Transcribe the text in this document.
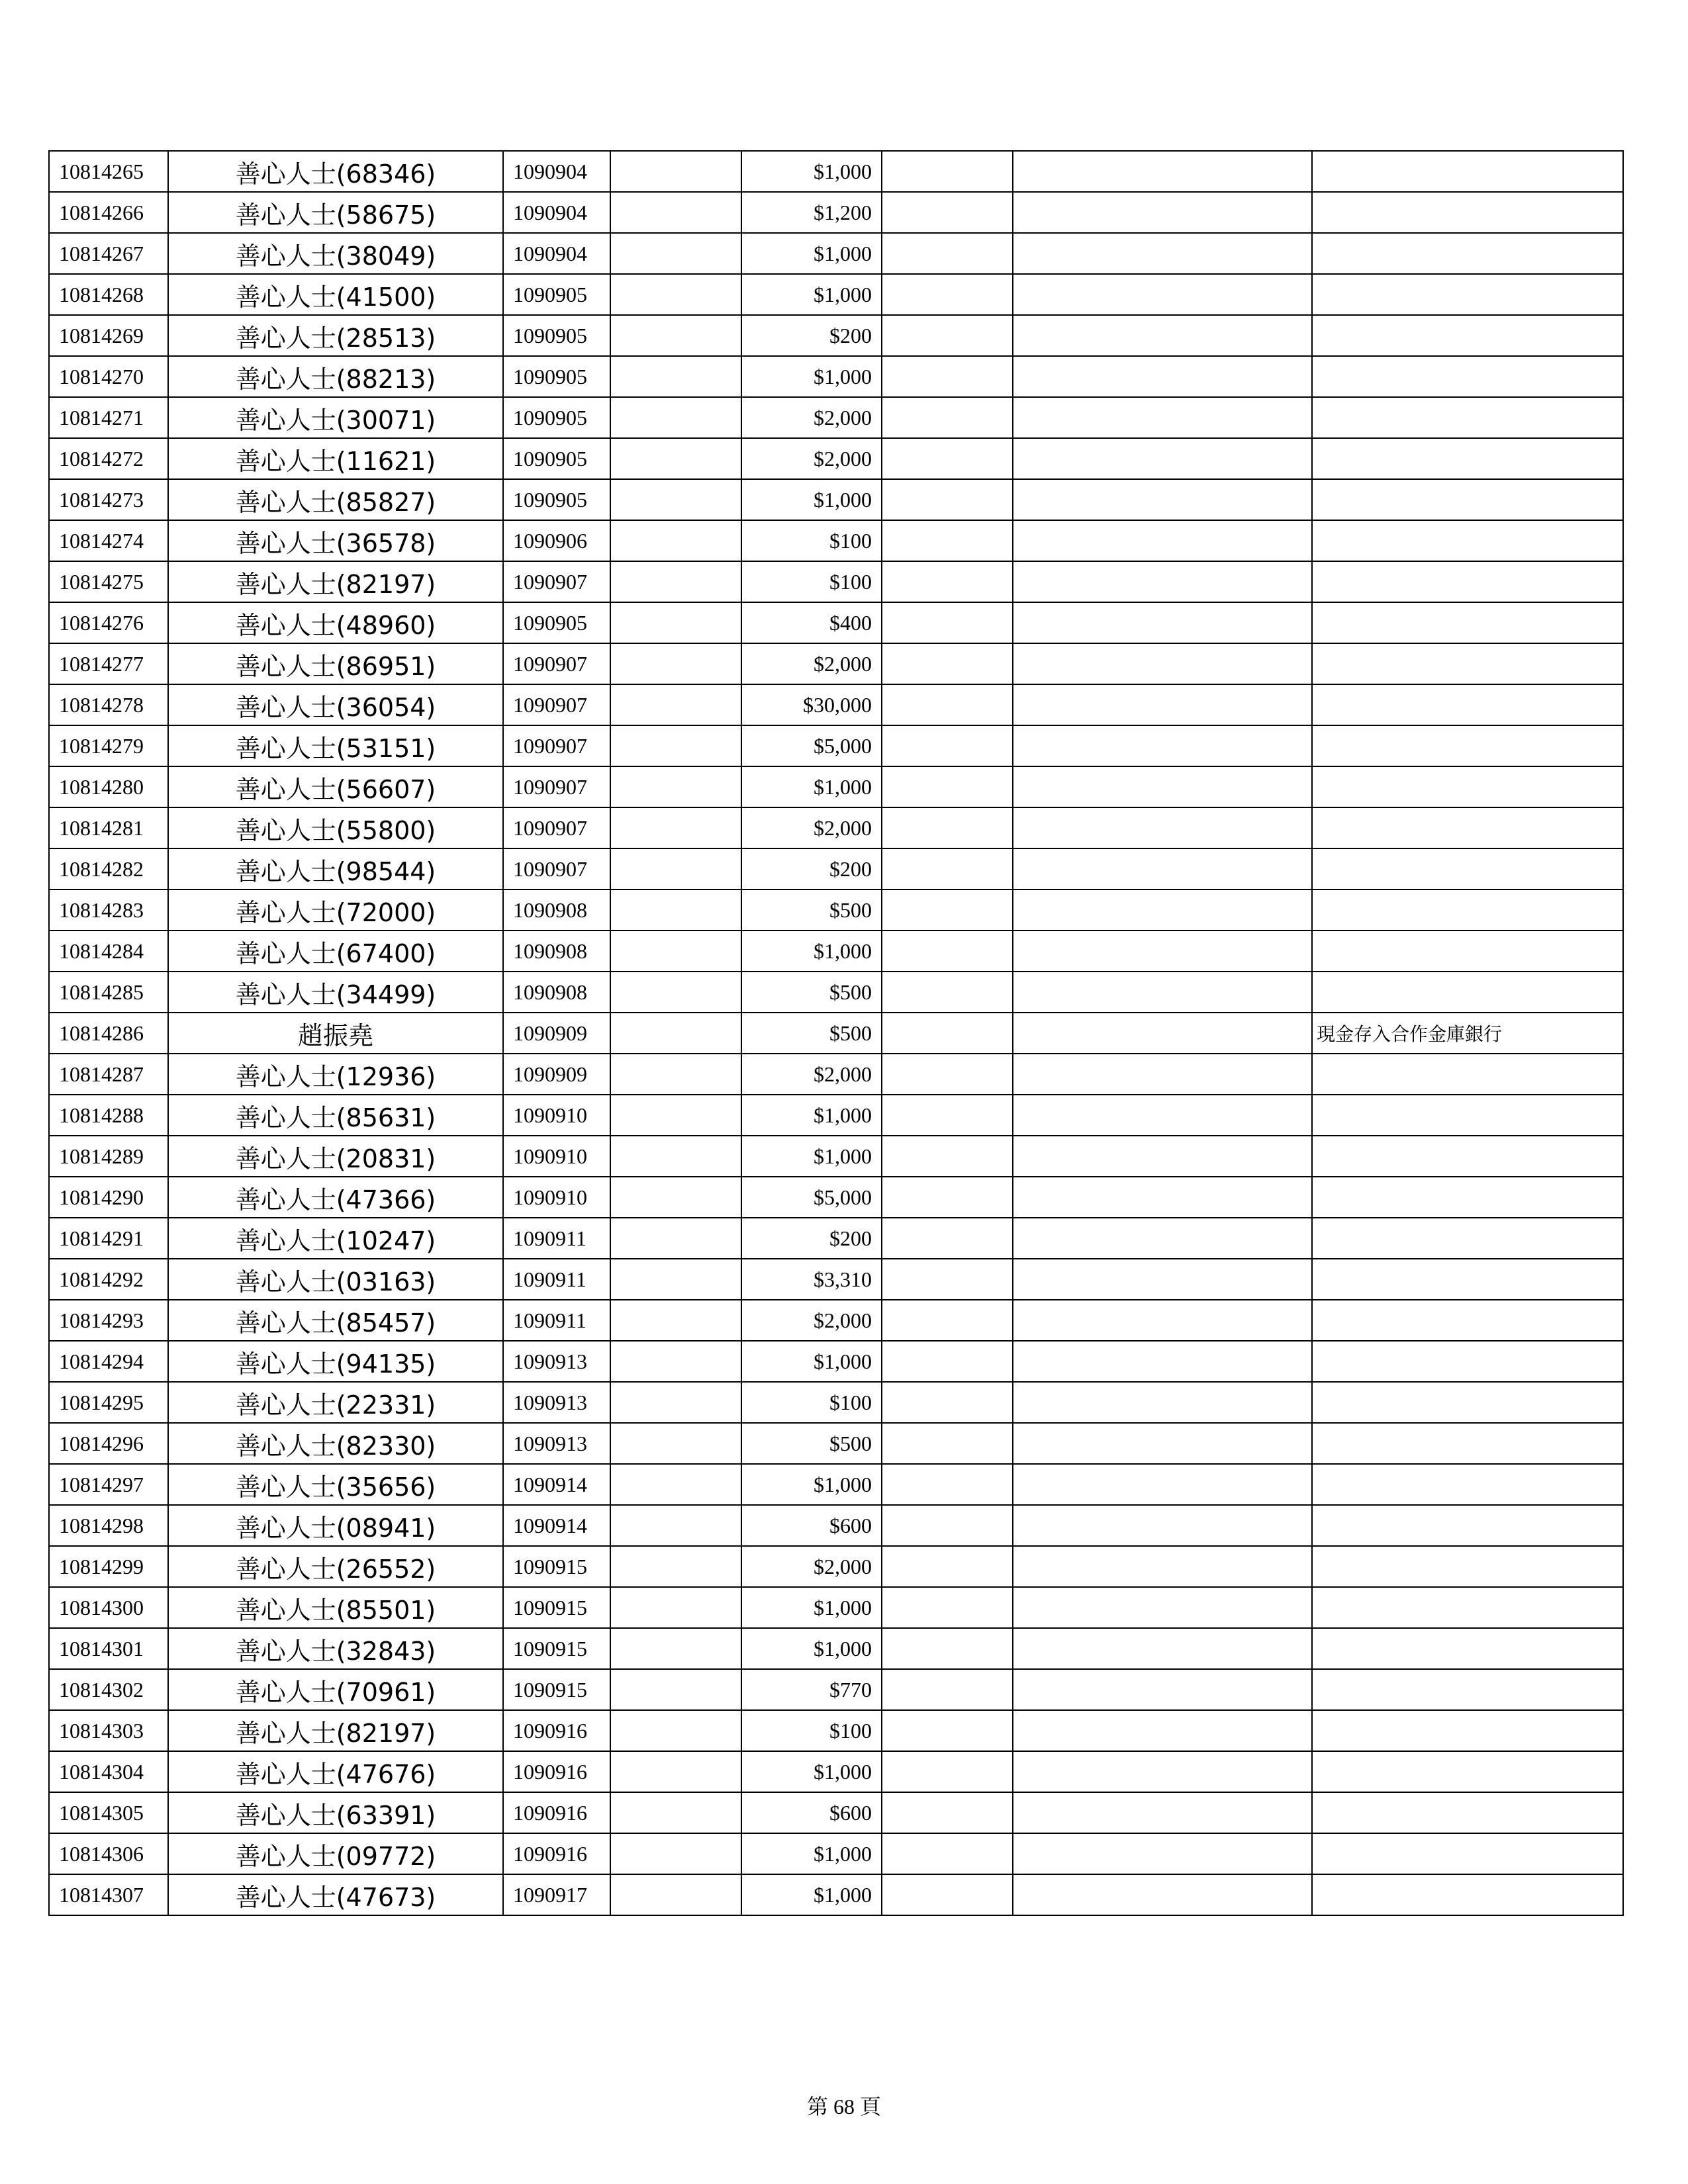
10814265	善心人士(68346)	1090904		$1,000			
10814266	善心人士(58675)	1090904		$1,200			
10814267	善心人士(38049)	1090904		$1,000			
10814268	善心人士(41500)	1090905		$1,000			
10814269	善心人士(28513)	1090905		$200			
10814270	善心人士(88213)	1090905		$1,000			
10814271	善心人士(30071)	1090905		$2,000			
10814272	善心人士(11621)	1090905		$2,000			
10814273	善心人士(85827)	1090905		$1,000			
10814274	善心人士(36578)	1090906		$100			
10814275	善心人士(82197)	1090907		$100			
10814276	善心人士(48960)	1090905		$400			
10814277	善心人士(86951)	1090907		$2,000			
10814278	善心人士(36054)	1090907		$30,000			
10814279	善心人士(53151)	1090907		$5,000			
10814280	善心人士(56607)	1090907		$1,000			
10814281	善心人士(55800)	1090907		$2,000			
10814282	善心人士(98544)	1090907		$200			
10814283	善心人士(72000)	1090908		$500			
10814284	善心人士(67400)	1090908		$1,000			
10814285	善心人士(34499)	1090908		$500			
10814286	趙振堯	1090909		$500			現金存入合作金庫銀行
10814287	善心人士(12936)	1090909		$2,000			
10814288	善心人士(85631)	1090910		$1,000			
10814289	善心人士(20831)	1090910		$1,000			
10814290	善心人士(47366)	1090910		$5,000			
10814291	善心人士(10247)	1090911		$200			
10814292	善心人士(03163)	1090911		$3,310			
10814293	善心人士(85457)	1090911		$2,000			
10814294	善心人士(94135)	1090913		$1,000			
10814295	善心人士(22331)	1090913		$100			
10814296	善心人士(82330)	1090913		$500			
10814297	善心人士(35656)	1090914		$1,000			
10814298	善心人士(08941)	1090914		$600			
10814299	善心人士(26552)	1090915		$2,000			
10814300	善心人士(85501)	1090915		$1,000			
10814301	善心人士(32843)	1090915		$1,000			
10814302	善心人士(70961)	1090915		$770			
10814303	善心人士(82197)	1090916		$100			
10814304	善心人士(47676)	1090916		$1,000			
10814305	善心人士(63391)	1090916		$600			
10814306	善心人士(09772)	1090916		$1,000			
10814307	善心人士(47673)	1090917		$1,000			
第 68 頁
